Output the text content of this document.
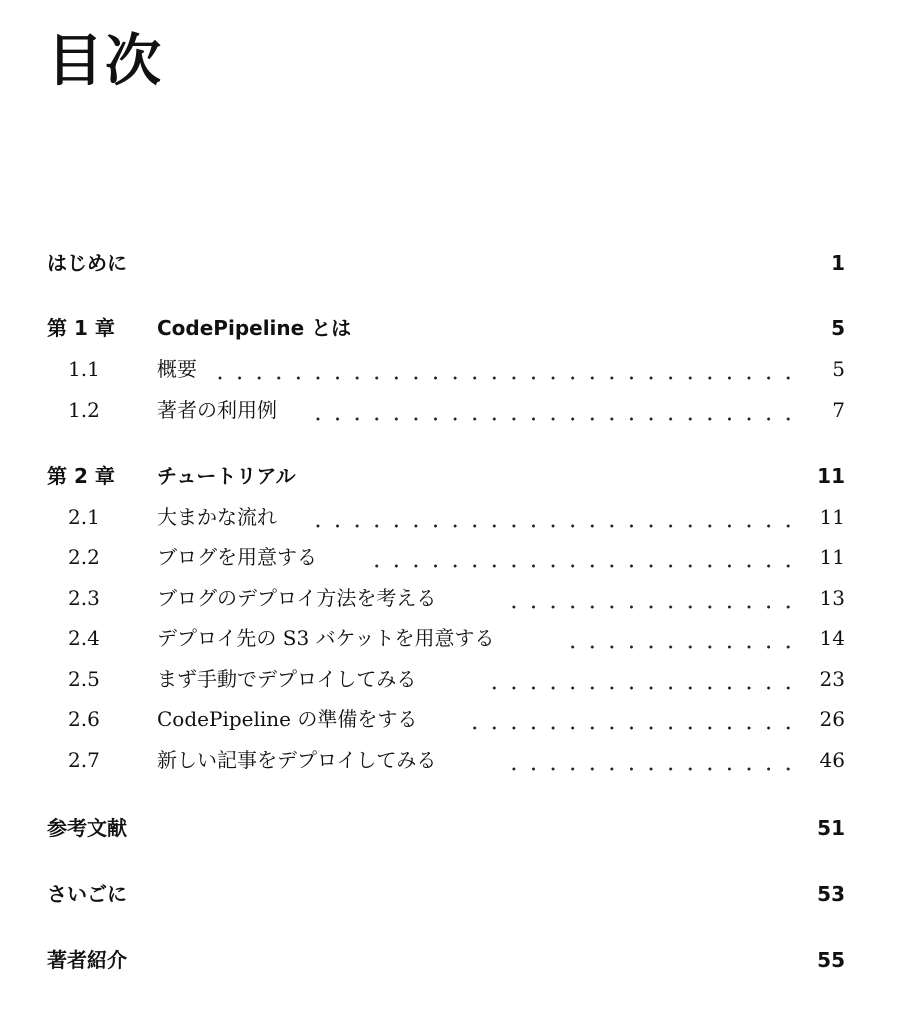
目次
はじめに	1
第 1 章 CodePipeline とは	5
1.1	概要	5
1.2	著者の利用例	7
第 2 章 チュートリアル	11
2.1	大まかな流れ	11
2.2	ブログを用意する	11
2.3	ブログのデプロイ方法を考える	13
2.4	デプロイ先の S3 バケットを用意する	14
2.5	まず手動でデプロイしてみる	23
2.6	CodePipeline の準備をする	26
2.7	新しい記事をデプロイしてみる	46
参考文献	51
さいごに	53
著者紹介	55
